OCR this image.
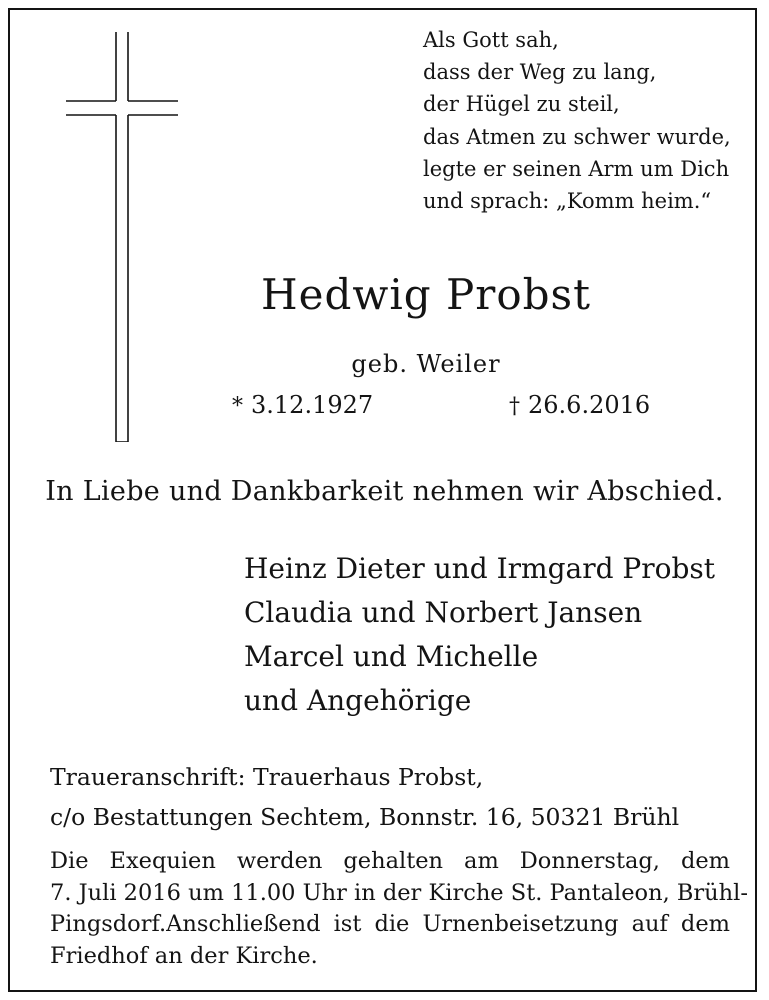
Als Gott sah,
dass der Weg zu lang,
der Hügel zu steil,
das Atmen zu schwer wurde,
legte er seinen Arm um Dich
und sprach: „Komm heim.“
Hedwig Probst
geb. Weiler
* 3.12.1927	† 26.6.2016
In Liebe und Dankbarkeit nehmen wir Abschied.
Heinz Dieter und Irmgard Probst
Claudia und Norbert Jansen
Marcel und Michelle
und Angehörige
Traueranschrift: Trauerhaus Probst,
c/o Bestattungen Sechtem, Bonnstr. 16, 50321 Brühl
Die Exequien werden gehalten am Donnerstag, dem
7. Juli 2016 um 11.00 Uhr in der Kirche St. Pantaleon, Brühl-
Pingsdorf.Anschließend ist die Urnenbeisetzung auf dem
Friedhof an der Kirche.
